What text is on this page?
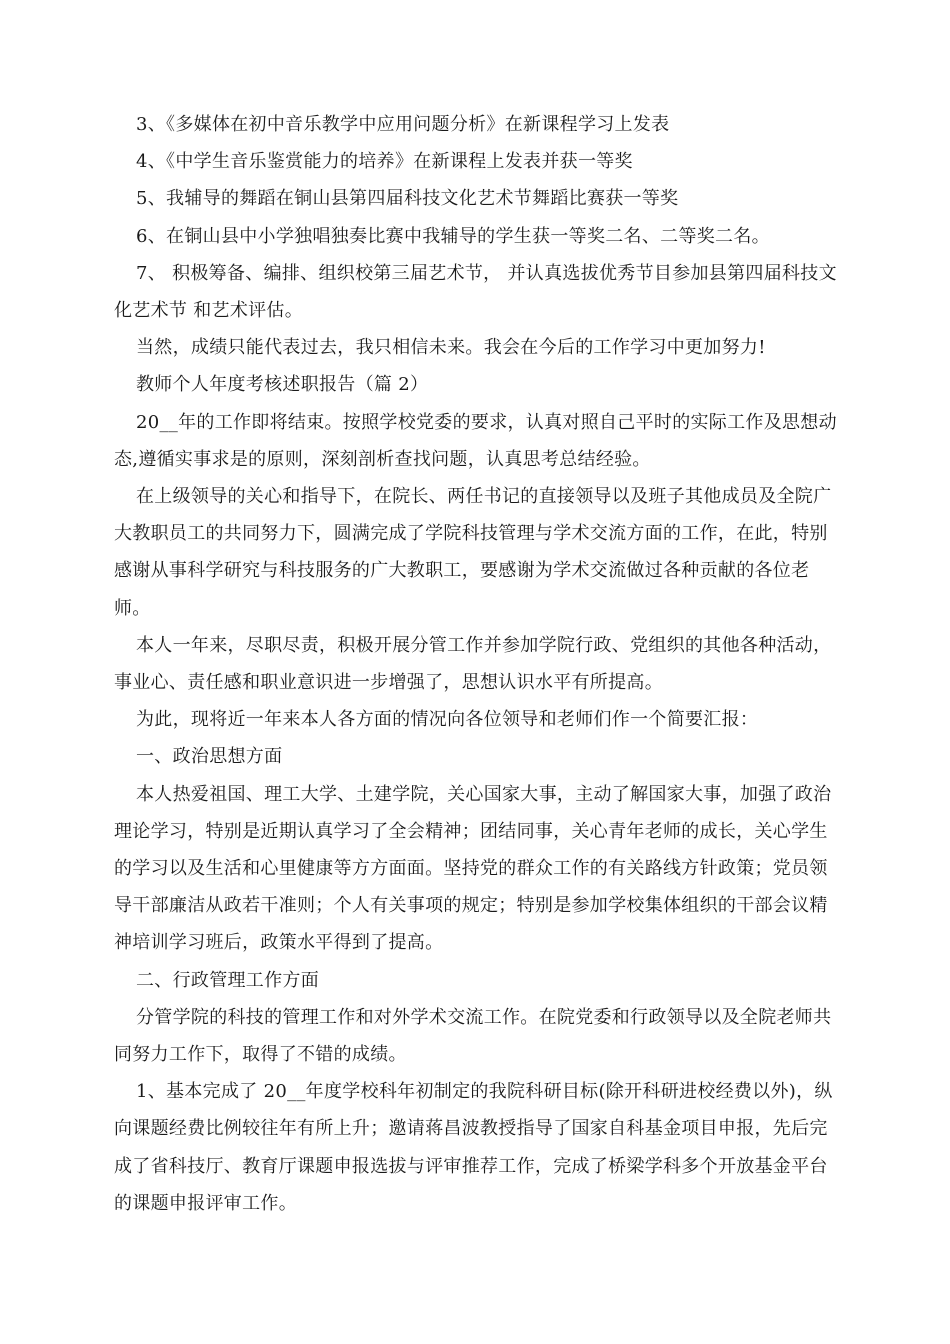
3、《多媒体在初中音乐教学中应用问题分析》在新课程学习上发表

4、《中学生音乐鉴赏能力的培养》在新课程上发表并获一等奖

5、我辅导的舞蹈在铜山县第四届科技文化艺术节舞蹈比赛获一等奖

6、在铜山县中小学独唱独奏比赛中我辅导的学生获一等奖二名、二等奖二名。

7、 积极筹备、编排、组织校第三届艺术节， 并认真选拔优秀节目参加县第四届科技文化艺术节 和艺术评估。

当然，成绩只能代表过去，我只相信未来。我会在今后的工作学习中更加努力!

教师个人年度考核述职报告（篇 2）

20__年的工作即将结束。按照学校党委的要求，认真对照自己平时的实际工作及思想动态,遵循实事求是的原则，深刻剖析查找问题，认真思考总结经验。

在上级领导的关心和指导下，在院长、两任书记的直接领导以及班子其他成员及全院广大教职员工的共同努力下，圆满完成了学院科技管理与学术交流方面的工作，在此，特别感谢从事科学研究与科技服务的广大教职工，要感谢为学术交流做过各种贡献的各位老师。

本人一年来，尽职尽责，积极开展分管工作并参加学院行政、党组织的其他各种活动，事业心、责任感和职业意识进一步增强了，思想认识水平有所提高。

为此，现将近一年来本人各方面的情况向各位领导和老师们作一个简要汇报：

一、政治思想方面

本人热爱祖国、理工大学、土建学院，关心国家大事，主动了解国家大事，加强了政治理论学习，特别是近期认真学习了全会精神；团结同事，关心青年老师的成长，关心学生的学习以及生活和心里健康等方方面面。坚持党的群众工作的有关路线方针政策；党员领导干部廉洁从政若干准则；个人有关事项的规定；特别是参加学校集体组织的干部会议精神培训学习班后，政策水平得到了提高。

二、行政管理工作方面

分管学院的科技的管理工作和对外学术交流工作。在院党委和行政领导以及全院老师共同努力工作下，取得了不错的成绩。

1、基本完成了 20__年度学校科年初制定的我院科研目标(除开科研进校经费以外)，纵向课题经费比例较往年有所上升；邀请蒋昌波教授指导了国家自科基金项目申报，先后完成了省科技厅、教育厅课题申报选拔与评审推荐工作，完成了桥梁学科多个开放基金平台的课题申报评审工作。
